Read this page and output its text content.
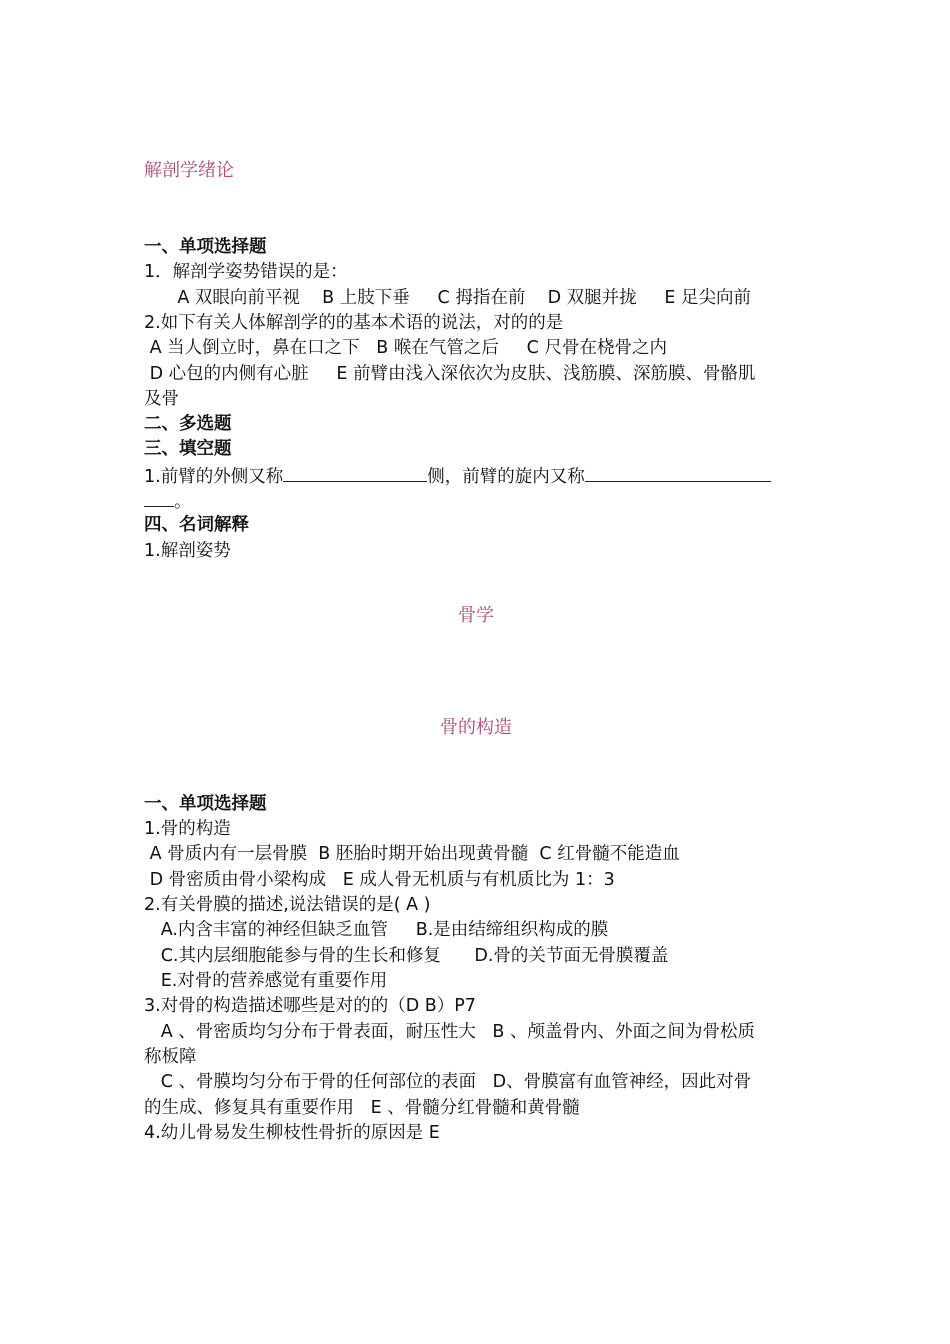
解剖学绪论

一、单项选择题

1．解剖学姿势错误的是：

A 双眼向前平视    B 上肢下垂     C 拇指在前    D 双腿并拢     E 足尖向前

2.如下有关人体解剖学的的基本术语的说法，对的的是

A 当人倒立时，鼻在口之下   B 喉在气管之后     C 尺骨在桡骨之内

D 心包的内侧有心脏     E 前臂由浅入深依次为皮肤、浅筋膜、深筋膜、骨骼肌

及骨

二、多选题

三、填空题

1.前臂的外侧又称	侧，前臂的旋内又称

。

四、名词解释

1.解剖姿势

骨学

骨的构造

一、单项选择题

1.骨的构造

A 骨质内有一层骨膜  B 胚胎时期开始出现黄骨髓  C 红骨髓不能造血

D 骨密质由骨小梁构成   E 成人骨无机质与有机质比为 1：3

2.有关骨膜的描述,说法错误的是( A )

A.内含丰富的神经但缺乏血管     B.是由结缔组织构成的膜

C.其内层细胞能参与骨的生长和修复      D.骨的关节面无骨膜覆盖

E.对骨的营养感觉有重要作用

3.对骨的构造描述哪些是对的的（D B）P7

A 、骨密质均匀分布于骨表面，耐压性大   B 、颅盖骨内、外面之间为骨松质

称板障

C 、骨膜均匀分布于骨的任何部位的表面   D、骨膜富有血管神经，因此对骨

的生成、修复具有重要作用   E 、骨髓分红骨髓和黄骨髓

4.幼儿骨易发生柳枝性骨折的原因是 E
